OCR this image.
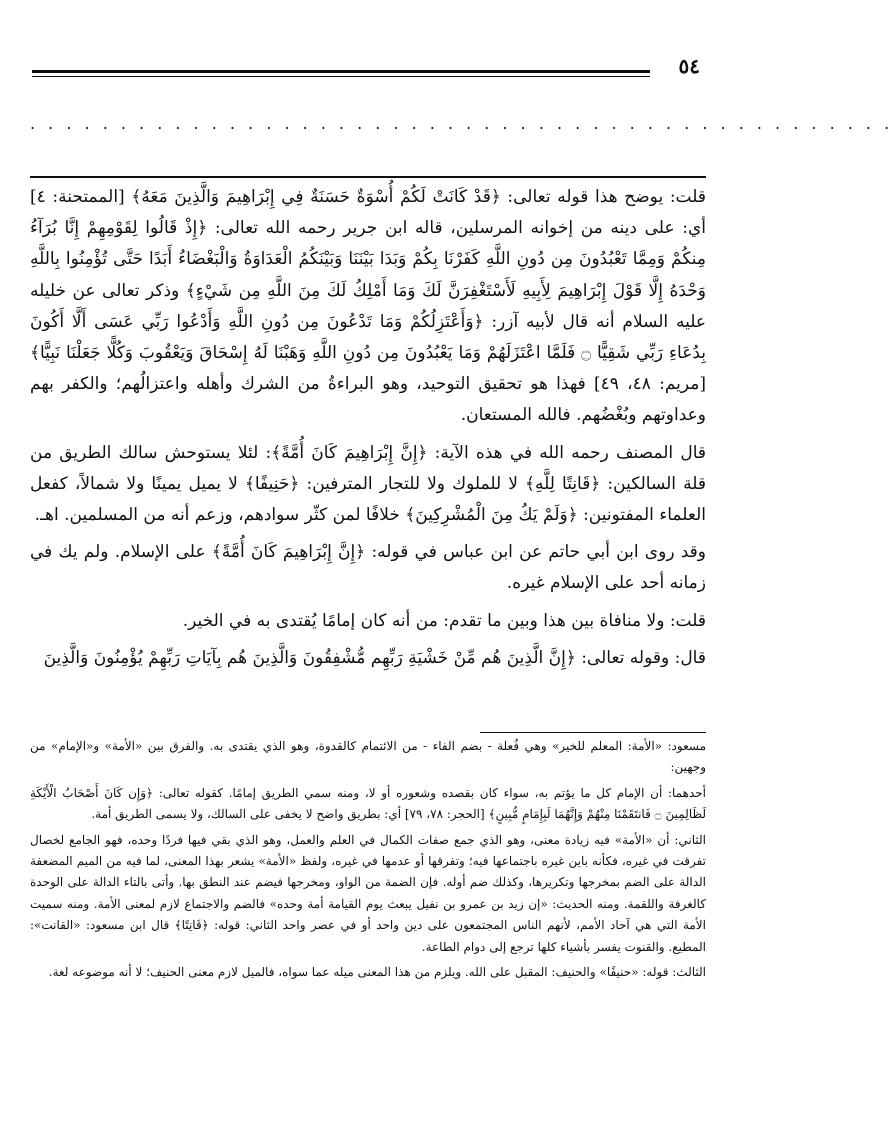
٥٤
. . . . . . . . . . . . . . . . . . . . . . . . . . . . . . . . . . . . . . . . . . . . . . . .

قلت: يوضح هذا قوله تعالى: ﴿قَدْ كَانَتْ لَكُمْ أُسْوَةٌ حَسَنَةٌ فِي إِبْرَاهِيمَ وَالَّذِينَ مَعَهُ﴾ [الممتحنة: ٤] أي: على دينه من إخوانه المرسلين، قاله ابن جرير رحمه الله تعالى: ﴿إِذْ قَالُوا لِقَوْمِهِمْ إِنَّا بُرَآءُ مِنكُمْ وَمِمَّا تَعْبُدُونَ مِن دُونِ اللَّهِ كَفَرْنَا بِكُمْ وَبَدَا بَيْنَنَا وَبَيْنَكُمُ الْعَدَاوَةُ وَالْبَغْضَاءُ أَبَدًا حَتَّى تُؤْمِنُوا بِاللَّهِ وَحْدَهُ إِلَّا قَوْلَ إِبْرَاهِيمَ لِأَبِيهِ لَأَسْتَغْفِرَنَّ لَكَ وَمَا أَمْلِكُ لَكَ مِنَ اللَّهِ مِن شَيْءٍ﴾ وذكر تعالى عن خليله عليه السلام أنه قال لأبيه آزر: ﴿وَأَعْتَزِلُكُمْ وَمَا تَدْعُونَ مِن دُونِ اللَّهِ وَأَدْعُوا رَبِّي عَسَى أَلَّا أَكُونَ بِدُعَاءِ رَبِّي شَقِيًّا ۝ فَلَمَّا اعْتَزَلَهُمْ وَمَا يَعْبُدُونَ مِن دُونِ اللَّهِ وَهَبْنَا لَهُ إِسْحَاقَ وَيَعْقُوبَ وَكُلًّا جَعَلْنَا نَبِيًّا﴾ [مريم: ٤٨، ٤٩] فهذا هو تحقيق التوحيد، وهو البراءةُ من الشرك وأهله واعتزالُهم؛ والكفر بهم وعداوتهم وبُغْضُهم. فالله المستعان.

قال المصنف رحمه الله في هذه الآية: ﴿إِنَّ إِبْرَاهِيمَ كَانَ أُمَّةً﴾: لئلا يستوحش سالك الطريق من قلة السالكين: ﴿قَانِتًا لِلَّهِ﴾ لا للملوك ولا للتجار المترفين: ﴿حَنِيفًا﴾ لا يميل يمينًا ولا شمالاً، كفعل العلماء المفتونين: ﴿وَلَمْ يَكُ مِنَ الْمُشْرِكِينَ﴾ خلافًا لمن كثّر سوادهم، وزعم أنه من المسلمين. اهـ.

وقد روى ابن أبي حاتم عن ابن عباس في قوله: ﴿إِنَّ إِبْرَاهِيمَ كَانَ أُمَّةً﴾ على الإسلام. ولم يك في زمانه أحد على الإسلام غيره.

قلت: ولا منافاة بين هذا وبين ما تقدم: من أنه كان إمامًا يُقتدى به في الخير.

قال: وقوله تعالى: ﴿إِنَّ الَّذِينَ هُم مِّنْ خَشْيَةِ رَبِّهِم مُّشْفِقُونَ وَالَّذِينَ هُم بِآيَاتِ رَبِّهِمْ يُؤْمِنُونَ وَالَّذِينَ

مسعود: «الأمة: المعلم للخير» وهي فُعلة - بضم الفاء - من الائتمام كالقدوة، وهو الذي يقتدى به. والفرق بين «الأمة» و«الإمام» من وجهين:

أحدهما: أن الإمام كل ما يؤتم به، سواء كان بقصده وشعوره أو لا، ومنه سمي الطريق إمامًا. كقوله تعالى: ﴿وَإِن كَانَ أَصْحَابُ الْأَيْكَةِ لَظَالِمِينَ ۝ فَانتَقَمْنَا مِنْهُمْ وَإِنَّهُمَا لَبِإِمَامٍ مُّبِينٍ﴾ [الحجر: ٧٨، ٧٩] أي: بطريق واضح لا يخفى على السالك، ولا يسمى الطريق أمة.

الثاني: أن «الأمة» فيه زيادة معنى، وهو الذي جمع صفات الكمال في العلم والعمل، وهو الذي بقي فيها فردًا وحده، فهو الجامع لخصال تفرقت في غيره، فكأنه باين غيره باجتماعها فيه؛ وتفرقها أو عدمها في غيره، ولفظ «الأمة» يشعر بهذا المعنى، لما فيه من الميم المضعفة الدالة على الضم بمخرجها وتكريرها، وكذلك ضم أوله. فإن الضمة من الواو، ومخرجها فيضم عند النطق بها. وأتى بالتاء الدالة على الوحدة كالغرفة واللقمة. ومنه الحديث: «إن زيد بن عمرو بن نفيل يبعث يوم القيامة أمة وحده» فالضم والاجتماع لازم لمعنى الأمة. ومنه سميت الأمة التي هي آحاد الأمم، لأنهم الناس المجتمعون على دين واحد أو في عصر واحد الثاني: قوله: ﴿قَانِتًا﴾ قال ابن مسعود: «القانت»: المطيع. والقنوت يفسر بأشياء كلها ترجع إلى دوام الطاعة.

الثالث: قوله: «حنيفًا» والحنيف: المقبل على الله. ويلزم من هذا المعنى ميله عما سواه، فالميل لازم معنى الحنيف؛ لا أنه موضوعه لغة.
